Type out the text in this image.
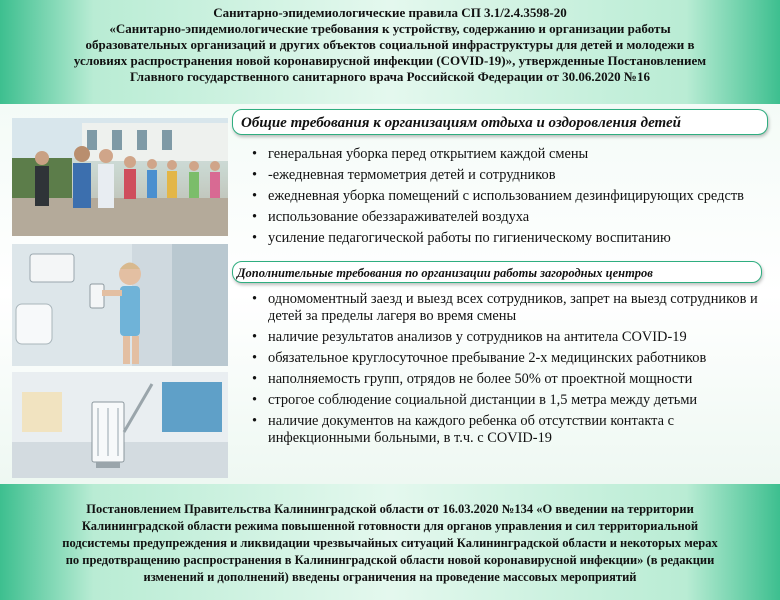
Санитарно-эпидемиологические правила СП 3.1/2.4.3598-20

«Санитарно-эпидемиологические требования к устройству, содержанию и организации работы

образовательных организаций и других объектов социальной инфраструктуры для детей и молодежи в

условиях распространения новой коронавирусной инфекции (COVID-19)», утвержденные Постановлением

Главного государственного санитарного врача Российской Федерации от 30.06.2020 №16

Общие требования к организациям отдыха и оздоровления детей
• генеральная уборка перед открытием каждой смены
• -ежедневная термометрия детей и сотрудников
• ежедневная уборка помещений с использованием дезинфицирующих средств
• использование обеззараживателей воздуха
• усиление педагогической работы по гигиеническому воспитанию
Дополнительные требования по организации работы загородных центров
• одномоментный заезд и выезд всех сотрудников, запрет на выезд сотрудников и детей за пределы лагеря во время смены
• наличие результатов анализов у сотрудников на антитела COVID-19
• обязательное круглосуточное пребывание 2-х медицинских работников
• наполняемость групп, отрядов не более 50% от проектной мощности
• строгое соблюдение социальной дистанции в 1,5 метра между детьми
• наличие документов на каждого ребенка об отсутствии контакта с инфекционными больными, в т.ч. с COVID-19

Постановлением Правительства Калининградской области от 16.03.2020 №134 «О введении на территории

Калининградской области режима повышенной готовности для органов управления и сил территориальной

подсистемы предупреждения и ликвидации чрезвычайных ситуаций Калининградской области и некоторых мерах

по предотвращению распространения в Калининградской области новой коронавирусной инфекции» (в редакции

изменений и дополнений) введены ограничения на проведение массовых мероприятий
